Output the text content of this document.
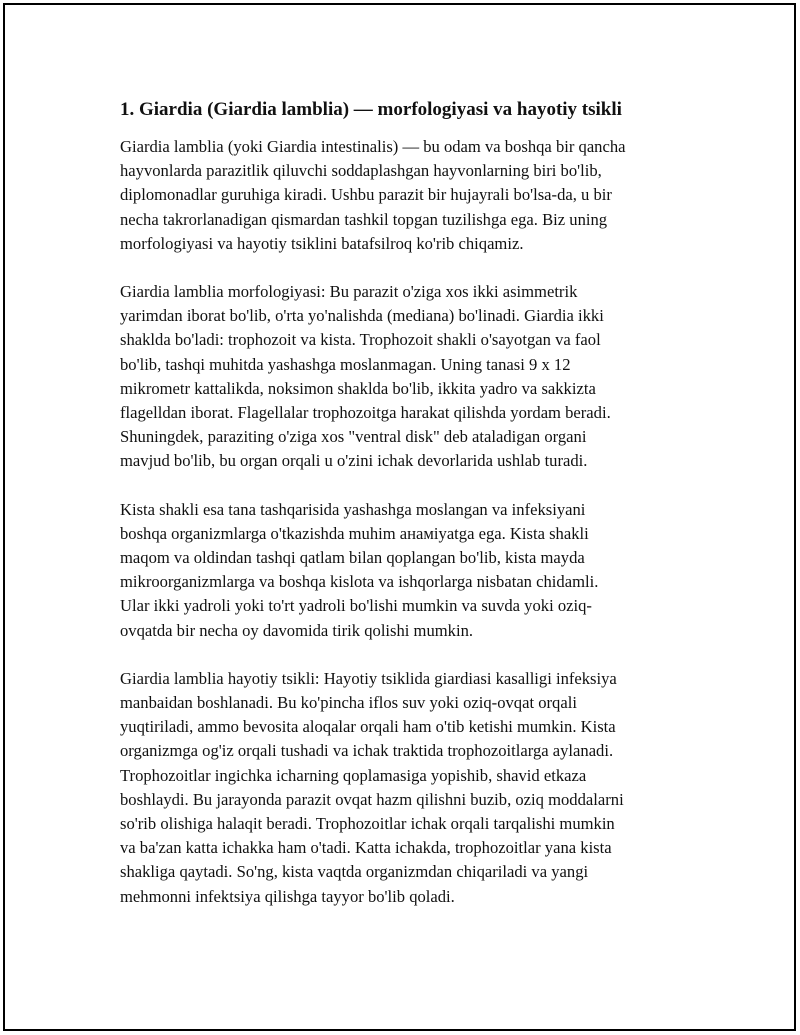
1. Giardia (Giardia lamblia) — morfologiyasi va hayotiy tsikli

Giardia lamblia (yoki Giardia intestinalis) — bu odam va boshqa bir qancha
hayvonlarda parazitlik qiluvchi soddaplashgan hayvonlarning biri bo'lib,
diplomonadlar guruhiga kiradi. Ushbu parazit bir hujayrali bo'lsa-da, u bir
necha takrorlanadigan qismardan tashkil topgan tuzilishga ega. Biz uning
morfologiyasi va hayotiy tsiklini batafsilroq ko'rib chiqamiz.

Giardia lamblia morfologiyasi: Bu parazit o'ziga xos ikki asimmetrik
yarimdan iborat bo'lib, o'rta yo'nalishda (mediana) bo'linadi. Giardia ikki
shaklda bo'ladi: trophozoit va kista. Trophozoit shakli o'sayotgan va faol
bo'lib, tashqi muhitda yashashga moslanmagan. Uning tanasi 9 x 12
mikrometr kattalikda, noksimon shaklda bo'lib, ikkita yadro va sakkizta
flagelldan iborat. Flagellalar trophozoitga harakat qilishda yordam beradi.
Shuningdek, paraziting o'ziga xos "ventral disk" deb ataladigan organi
mavjud bo'lib, bu organ orqali u o'zini ichak devorlarida ushlab turadi.

Kista shakli esa tana tashqarisida yashashga moslangan va infeksiyani
boshqa organizmlarga o'tkazishda muhim aнамiyatga ega. Kista shakli
maqom va oldindan tashqi qatlam bilan qoplangan bo'lib, kista mayda
mikroorganizmlarga va boshqa kislota va ishqorlarga nisbatan chidamli.
Ular ikki yadroli yoki to'rt yadroli bo'lishi mumkin va suvda yoki oziq-
ovqatda bir necha oy davomida tirik qolishi mumkin.

Giardia lamblia hayotiy tsikli: Hayotiy tsiklida giardiasi kasalligi infeksiya
manbaidan boshlanadi. Bu ko'pincha iflos suv yoki oziq-ovqat orqali
yuqtiriladi, ammo bevosita aloqalar orqali ham o'tib ketishi mumkin. Kista
organizmga og'iz orqali tushadi va ichak traktida trophozoitlarga aylanadi.
Trophozoitlar ingichka icharning qoplamasiga yopishib, shavid etkaza
boshlaydi. Bu jarayonda parazit ovqat hazm qilishni buzib, oziq moddalarni
so'rib olishiga halaqit beradi. Trophozoitlar ichak orqali tarqalishi mumkin
va ba'zan katta ichakka ham o'tadi. Katta ichakda, trophozoitlar yana kista
shakliga qaytadi. So'ng, kista vaqtda organizmdan chiqariladi va yangi
mehmonni infektsiya qilishga tayyor bo'lib qoladi.
